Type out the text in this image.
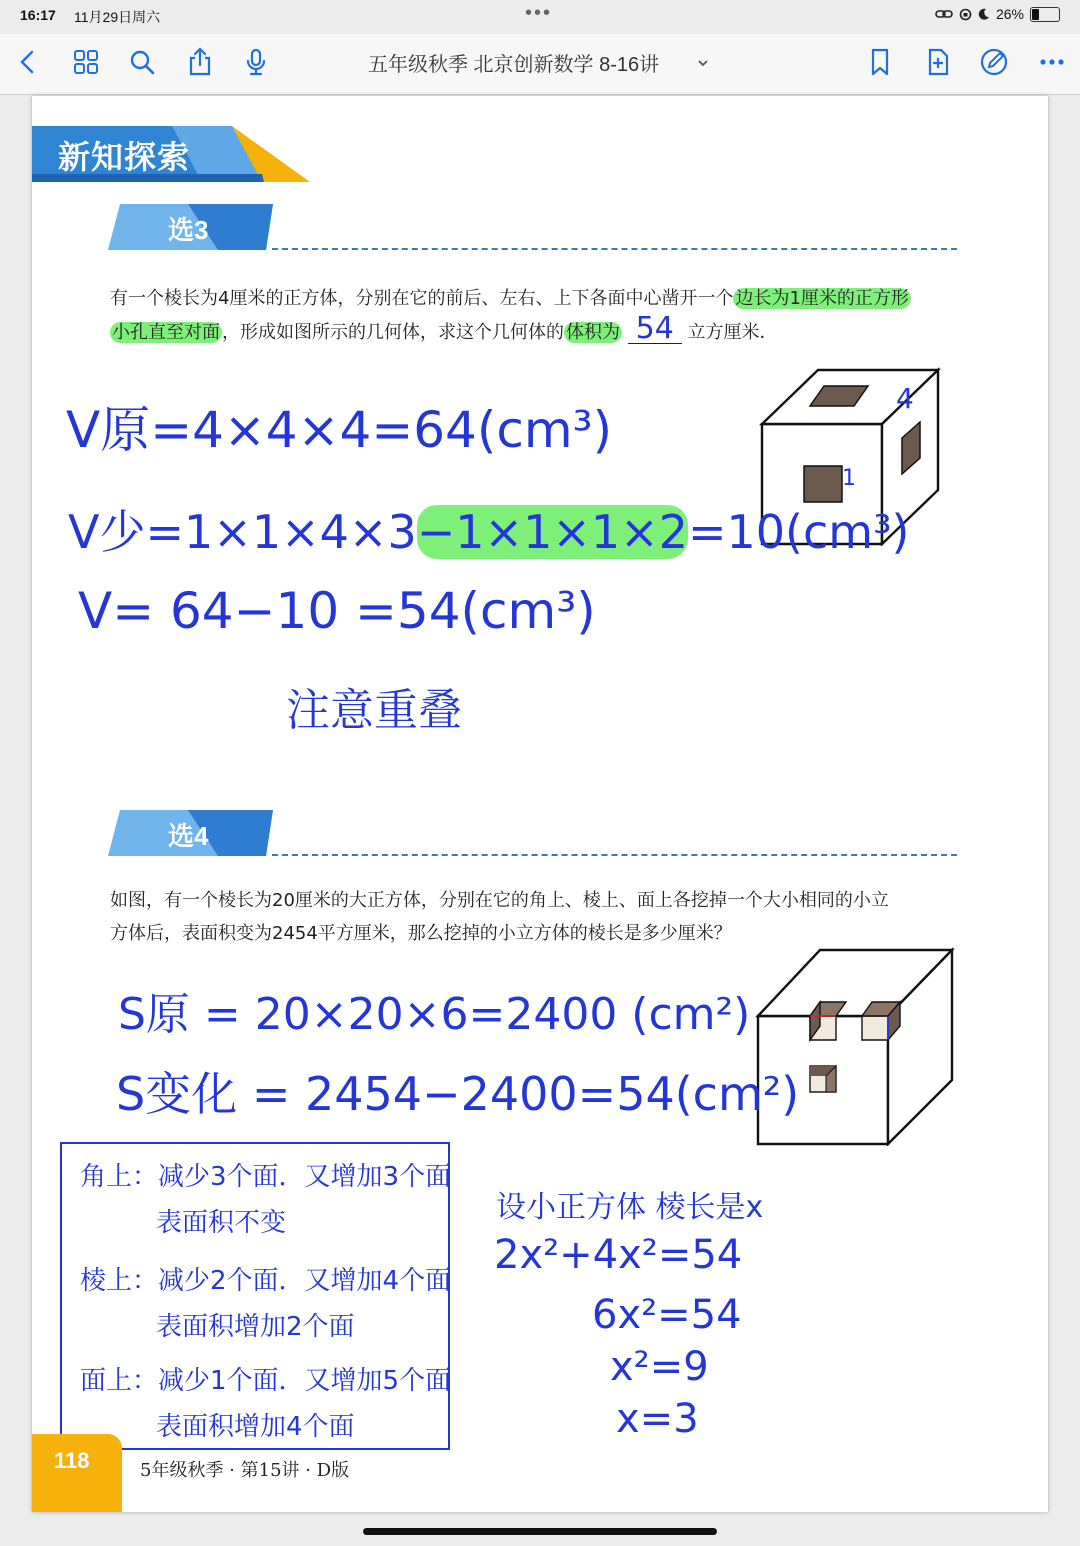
16:17 11月29日周六	•••	26%
五年级秋季 北京创新数学 8-16讲
新知探索
选3
有一个棱长为4厘米的正方体，分别在它的前后、左右、上下各面中心凿开一个 边长为1厘米的正方形
小孔直至对面 ，形成如图所示的几何体，求这个几何体的 体积为 54 立方厘米．
4
1
V原=4×4×4=64(cm³)
V少=1×1×4×3−1×1×1×2=10(cm³)
V= 64−10 =54(cm³)
注意重叠
选4
如图，有一个棱长为20厘米的大正方体，分别在它的角上、棱上、面上各挖掉一个大小相同的小立
方体后，表面积变为2454平方厘米，那么挖掉的小立方体的棱长是多少厘米？
S原 = 20×20×6=2400 (cm²)
S变化 = 2454−2400=54(cm²)
角上：减少3个面．又增加3个面
表面积不变
棱上：减少2个面．又增加4个面
表面积增加2个面
面上：减少1个面．又增加5个面
表面积增加4个面
设小正方体 棱长是x
2x²+4x²=54
6x²=54
x²=9
x=3
118	5年级秋季 · 第15讲 · D版
